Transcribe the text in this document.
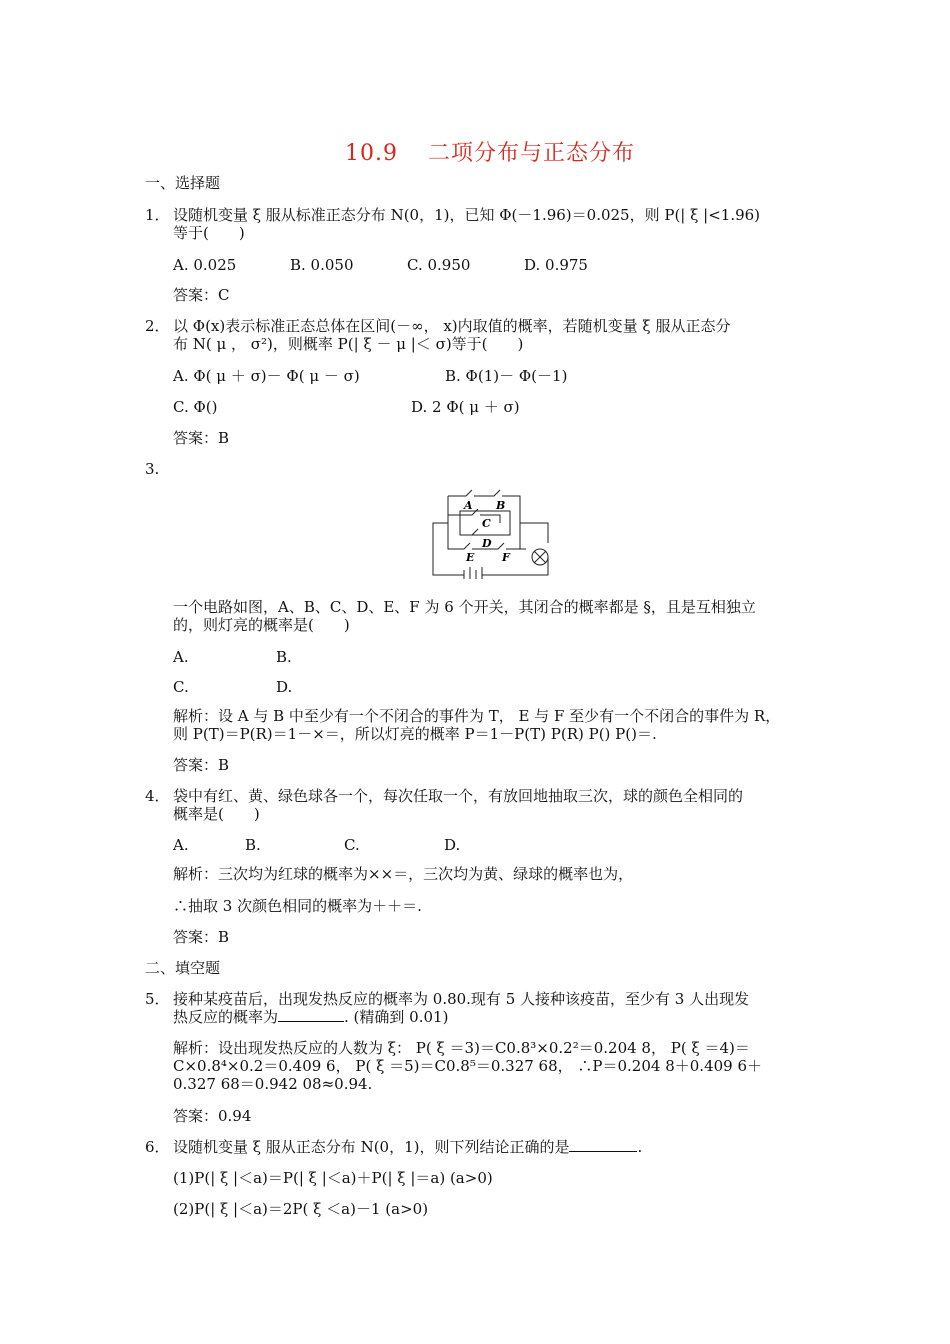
10.9 二项分布与正态分布
一、选择题
1． 设随机变量 ξ 服从标准正态分布 N(0，1)，已知 Φ(－1.96)＝0.025，则 P(| ξ |<1.96)
等于(　　)
A. 0.025	B. 0.050	C. 0.950	D. 0.975
答案：C
2． 以 Φ(x)表示标准正态总体在区间(－∞， x)内取值的概率，若随机变量 ξ 服从正态分
布 N( μ ， σ²)，则概率 P(| ξ － μ |＜ σ)等于(　　)
A. Φ( μ ＋ σ)－ Φ( μ － σ)	B. Φ(1)－ Φ(－1)
C. Φ()	D. 2 Φ( μ ＋ σ)
答案：B
3.
A B
C
D
E	F
一个电路如图，A、B、C、D、E、F 为 6 个开关，其闭合的概率都是 §，且是互相独立
的，则灯亮的概率是(　　)
A.	B.
C.	D.
解析：设 A 与 B 中至少有一个不闭合的事件为 T， E 与 F 至少有一个不闭合的事件为 R，
则 P(T)＝P(R)＝1－×＝，所以灯亮的概率 P＝1－P(T) P(R) P() P()＝.
答案：B
4． 袋中有红、黄、绿色球各一个，每次任取一个，有放回地抽取三次，球的颜色全相同的
概率是(　　)
A.	B.	C.	D.
解析：三次均为红球的概率为××＝，三次均为黄、绿球的概率也为，
∴抽取 3 次颜色相同的概率为＋＋＝.
答案：B
二、填空题
5． 接种某疫苗后，出现发热反应的概率为 0.80.现有 5 人接种该疫苗，至少有 3 人出现发
热反应的概率为	. (精确到 0.01)
解析：设出现发热反应的人数为 ξ： P( ξ ＝3)＝C0.8³×0.2²＝0.204 8， P( ξ ＝4)＝
C×0.8⁴×0.2＝0.409 6， P( ξ ＝5)＝C0.8⁵＝0.327 68， ∴P＝0.204 8＋0.409 6＋
0.327 68＝0.942 08≈0.94.
答案：0.94
6． 设随机变量 ξ 服从正态分布 N(0，1)，则下列结论正确的是	.
(1)P(| ξ |＜a)＝P(| ξ |＜a)＋P(| ξ |＝a) (a>0)
(2)P(| ξ |＜a)＝2P( ξ ＜a)－1 (a>0)
